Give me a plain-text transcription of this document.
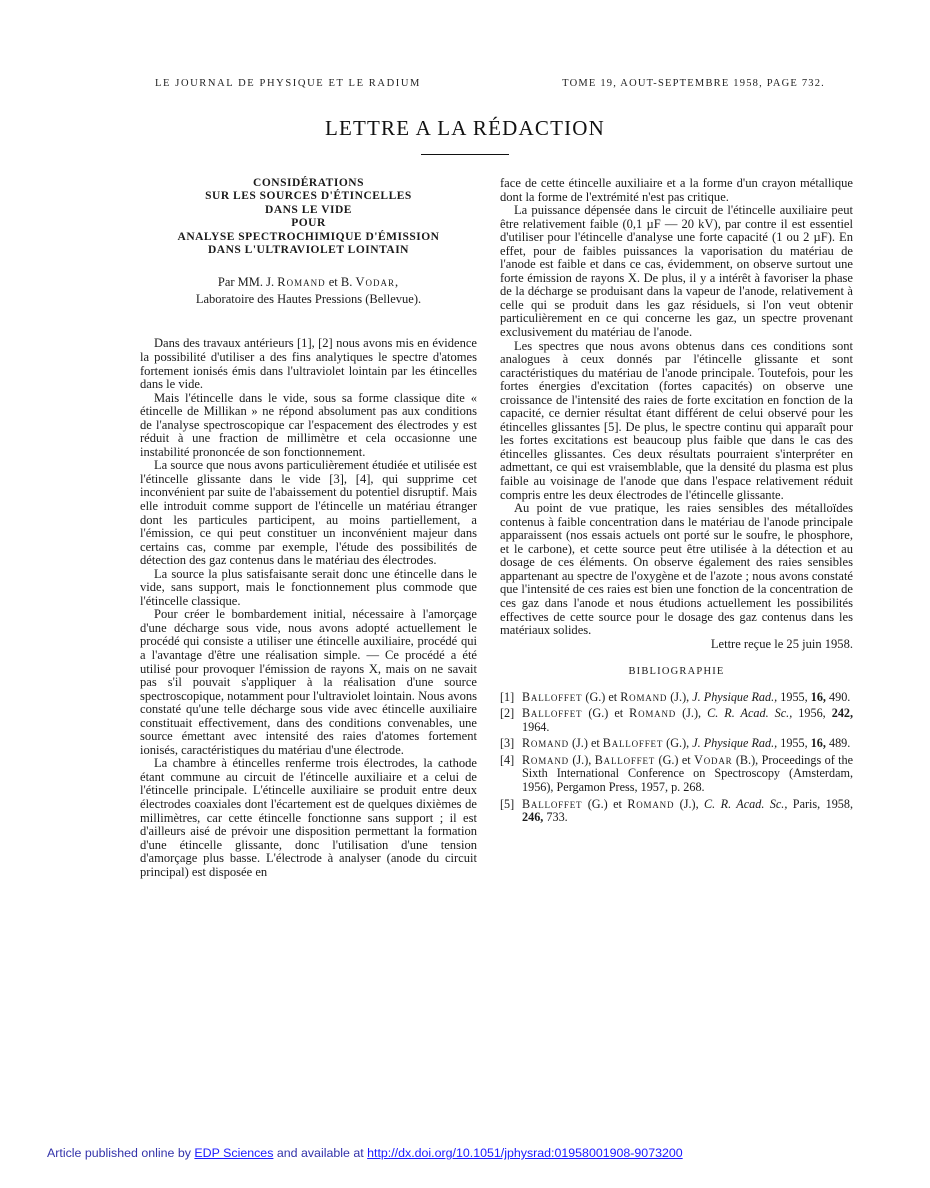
LE JOURNAL DE PHYSIQUE ET LE RADIUM	TOME 19, AOUT-SEPTEMBRE 1958, PAGE 732.
LETTRE A LA RÉDACTION
CONSIDÉRATIONS
SUR LES SOURCES D'ÉTINCELLES
DANS LE VIDE
POUR
ANALYSE SPECTROCHIMIQUE D'ÉMISSION
DANS L'ULTRAVIOLET LOINTAIN
Par MM. J. Romand et B. Vodar,
Laboratoire des Hautes Pressions (Bellevue).

Dans des travaux antérieurs [1], [2] nous avons mis en évidence la possibilité d'utiliser a des fins analytiques le spectre d'atomes fortement ionisés émis dans l'ultraviolet lointain par les étincelles dans le vide.

Mais l'étincelle dans le vide, sous sa forme classique dite « étincelle de Millikan » ne répond absolument pas aux conditions de l'analyse spectroscopique car l'espacement des électrodes y est réduit à une fraction de millimètre et cela occasionne une instabilité prononcée de son fonctionnement.

La source que nous avons particulièrement étudiée et utilisée est l'étincelle glissante dans le vide [3], [4], qui supprime cet inconvénient par suite de l'abaissement du potentiel disruptif. Mais elle introduit comme support de l'étincelle un matériau étranger dont les particules participent, au moins partiellement, a l'émission, ce qui peut constituer un inconvénient majeur dans certains cas, comme par exemple, l'étude des possibilités de détection des gaz contenus dans le matériau des électrodes.

La source la plus satisfaisante serait donc une étincelle dans le vide, sans support, mais le fonctionnement plus commode que l'étincelle classique.

Pour créer le bombardement initial, nécessaire à l'amorçage d'une décharge sous vide, nous avons adopté actuellement le procédé qui consiste a utiliser une étincelle auxiliaire, procédé qui a l'avantage d'être une réalisation simple. — Ce procédé a été utilisé pour provoquer l'émission de rayons X, mais on ne savait pas s'il pouvait s'appliquer à la réalisation d'une source spectroscopique, notamment pour l'ultraviolet lointain. Nous avons constaté qu'une telle décharge sous vide avec étincelle auxiliaire constituait effectivement, dans des conditions convenables, une source émettant avec intensité des raies d'atomes fortement ionisés, caractéristiques du matériau d'une électrode.

La chambre à étincelles renferme trois électrodes, la cathode étant commune au circuit de l'étincelle auxiliaire et a celui de l'étincelle principale. L'étincelle auxiliaire se produit entre deux électrodes coaxiales dont l'écartement est de quelques dixièmes de millimètres, car cette étincelle fonctionne sans support ; il est d'ailleurs aisé de prévoir une disposition permettant la formation d'une étincelle glissante, donc l'utilisation d'une tension d'amorçage plus basse. L'électrode à analyser (anode du circuit principal) est disposée en

face de cette étincelle auxiliaire et a la forme d'un crayon métallique dont la forme de l'extrémité n'est pas critique.

La puissance dépensée dans le circuit de l'étincelle auxiliaire peut être relativement faible (0,1 µF — 20 kV), par contre il est essentiel d'utiliser pour l'étincelle d'analyse une forte capacité (1 ou 2 µF). En effet, pour de faibles puissances la vaporisation du matériau de l'anode est faible et dans ce cas, évidemment, on observe surtout une forte émission de rayons X. De plus, il y a intérêt à favoriser la phase de la décharge se produisant dans la vapeur de l'anode, relativement à celle qui se produit dans les gaz résiduels, si l'on veut obtenir particulièrement en ce qui concerne les gaz, un spectre provenant exclusivement du matériau de l'anode.

Les spectres que nous avons obtenus dans ces conditions sont analogues à ceux donnés par l'étincelle glissante et sont caractéristiques du matériau de l'anode principale. Toutefois, pour les fortes énergies d'excitation (fortes capacités) on observe une croissance de l'intensité des raies de forte excitation en fonction de la capacité, ce dernier résultat étant différent de celui observé pour les étincelles glissantes [5]. De plus, le spectre continu qui apparaît pour les fortes excitations est beaucoup plus faible que dans le cas des étincelles glissantes. Ces deux résultats pourraient s'interpréter en admettant, ce qui est vraisemblable, que la densité du plasma est plus faible au voisinage de l'anode que dans l'espace relativement réduit compris entre les deux électrodes de l'étincelle glissante.

Au point de vue pratique, les raies sensibles des métalloïdes contenus à faible concentration dans le matériau de l'anode principale apparaissent (nos essais actuels ont porté sur le soufre, le phosphore, et le carbone), et cette source peut être utilisée à la détection et au dosage de ces éléments. On observe également des raies sensibles appartenant au spectre de l'oxygène et de l'azote ; nous avons constaté que l'intensité de ces raies est bien une fonction de la concentration de ces gaz dans l'anode et nous étudions actuellement les possibilités effectives de cette source pour le dosage des gaz contenus dans les matériaux solides.

Lettre reçue le 25 juin 1958.

BIBLIOGRAPHIE

[1] Balloffet (G.) et Romand (J.), J. Physique Rad., 1955, 16, 490.

[2] Balloffet (G.) et Romand (J.), C. R. Acad. Sc., 1956, 242, 1964.

[3] Romand (J.) et Balloffet (G.), J. Physique Rad., 1955, 16, 489.

[4] Romand (J.), Balloffet (G.) et Vodar (B.), Proceedings of the Sixth International Conference on Spectroscopy (Amsterdam, 1956), Pergamon Press, 1957, p. 268.

[5] Balloffet (G.) et Romand (J.), C. R. Acad. Sc., Paris, 1958, 246, 733.

Article published online by EDP Sciences and available at http://dx.doi.org/10.1051/jphysrad:01958001908-9073200
